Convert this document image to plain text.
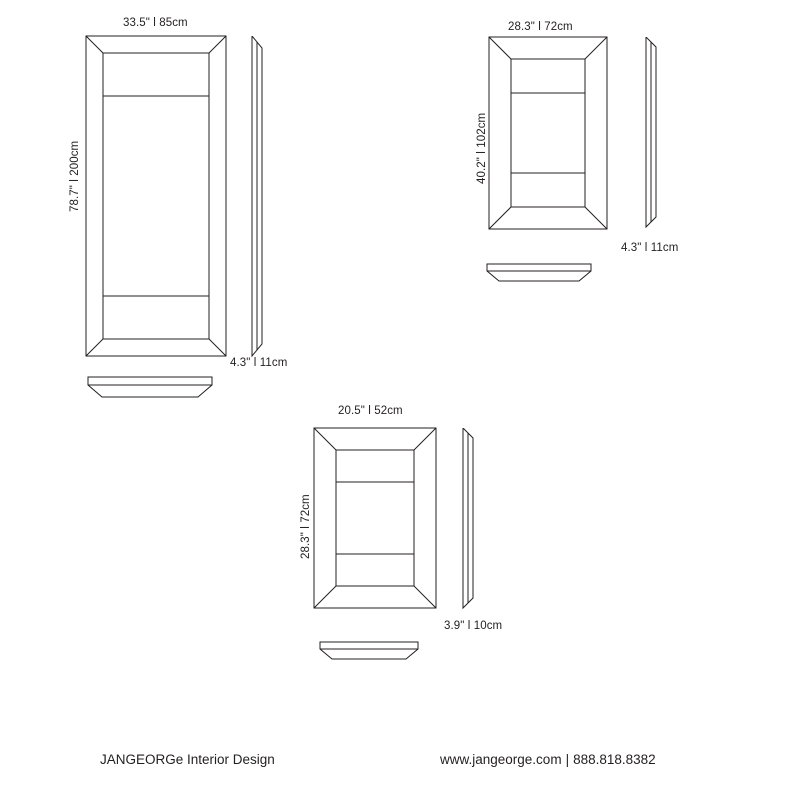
33.5" l 85cm
78.7" l 200cm
4.3" l 11cm
28.3" l 72cm
40.2" l 102cm
4.3" l 11cm
20.5" l 52cm
28.3" l 72cm
3.9" l 10cm
JANGEORGe Interior Design	www.jangeorge.com | 888.818.8382
